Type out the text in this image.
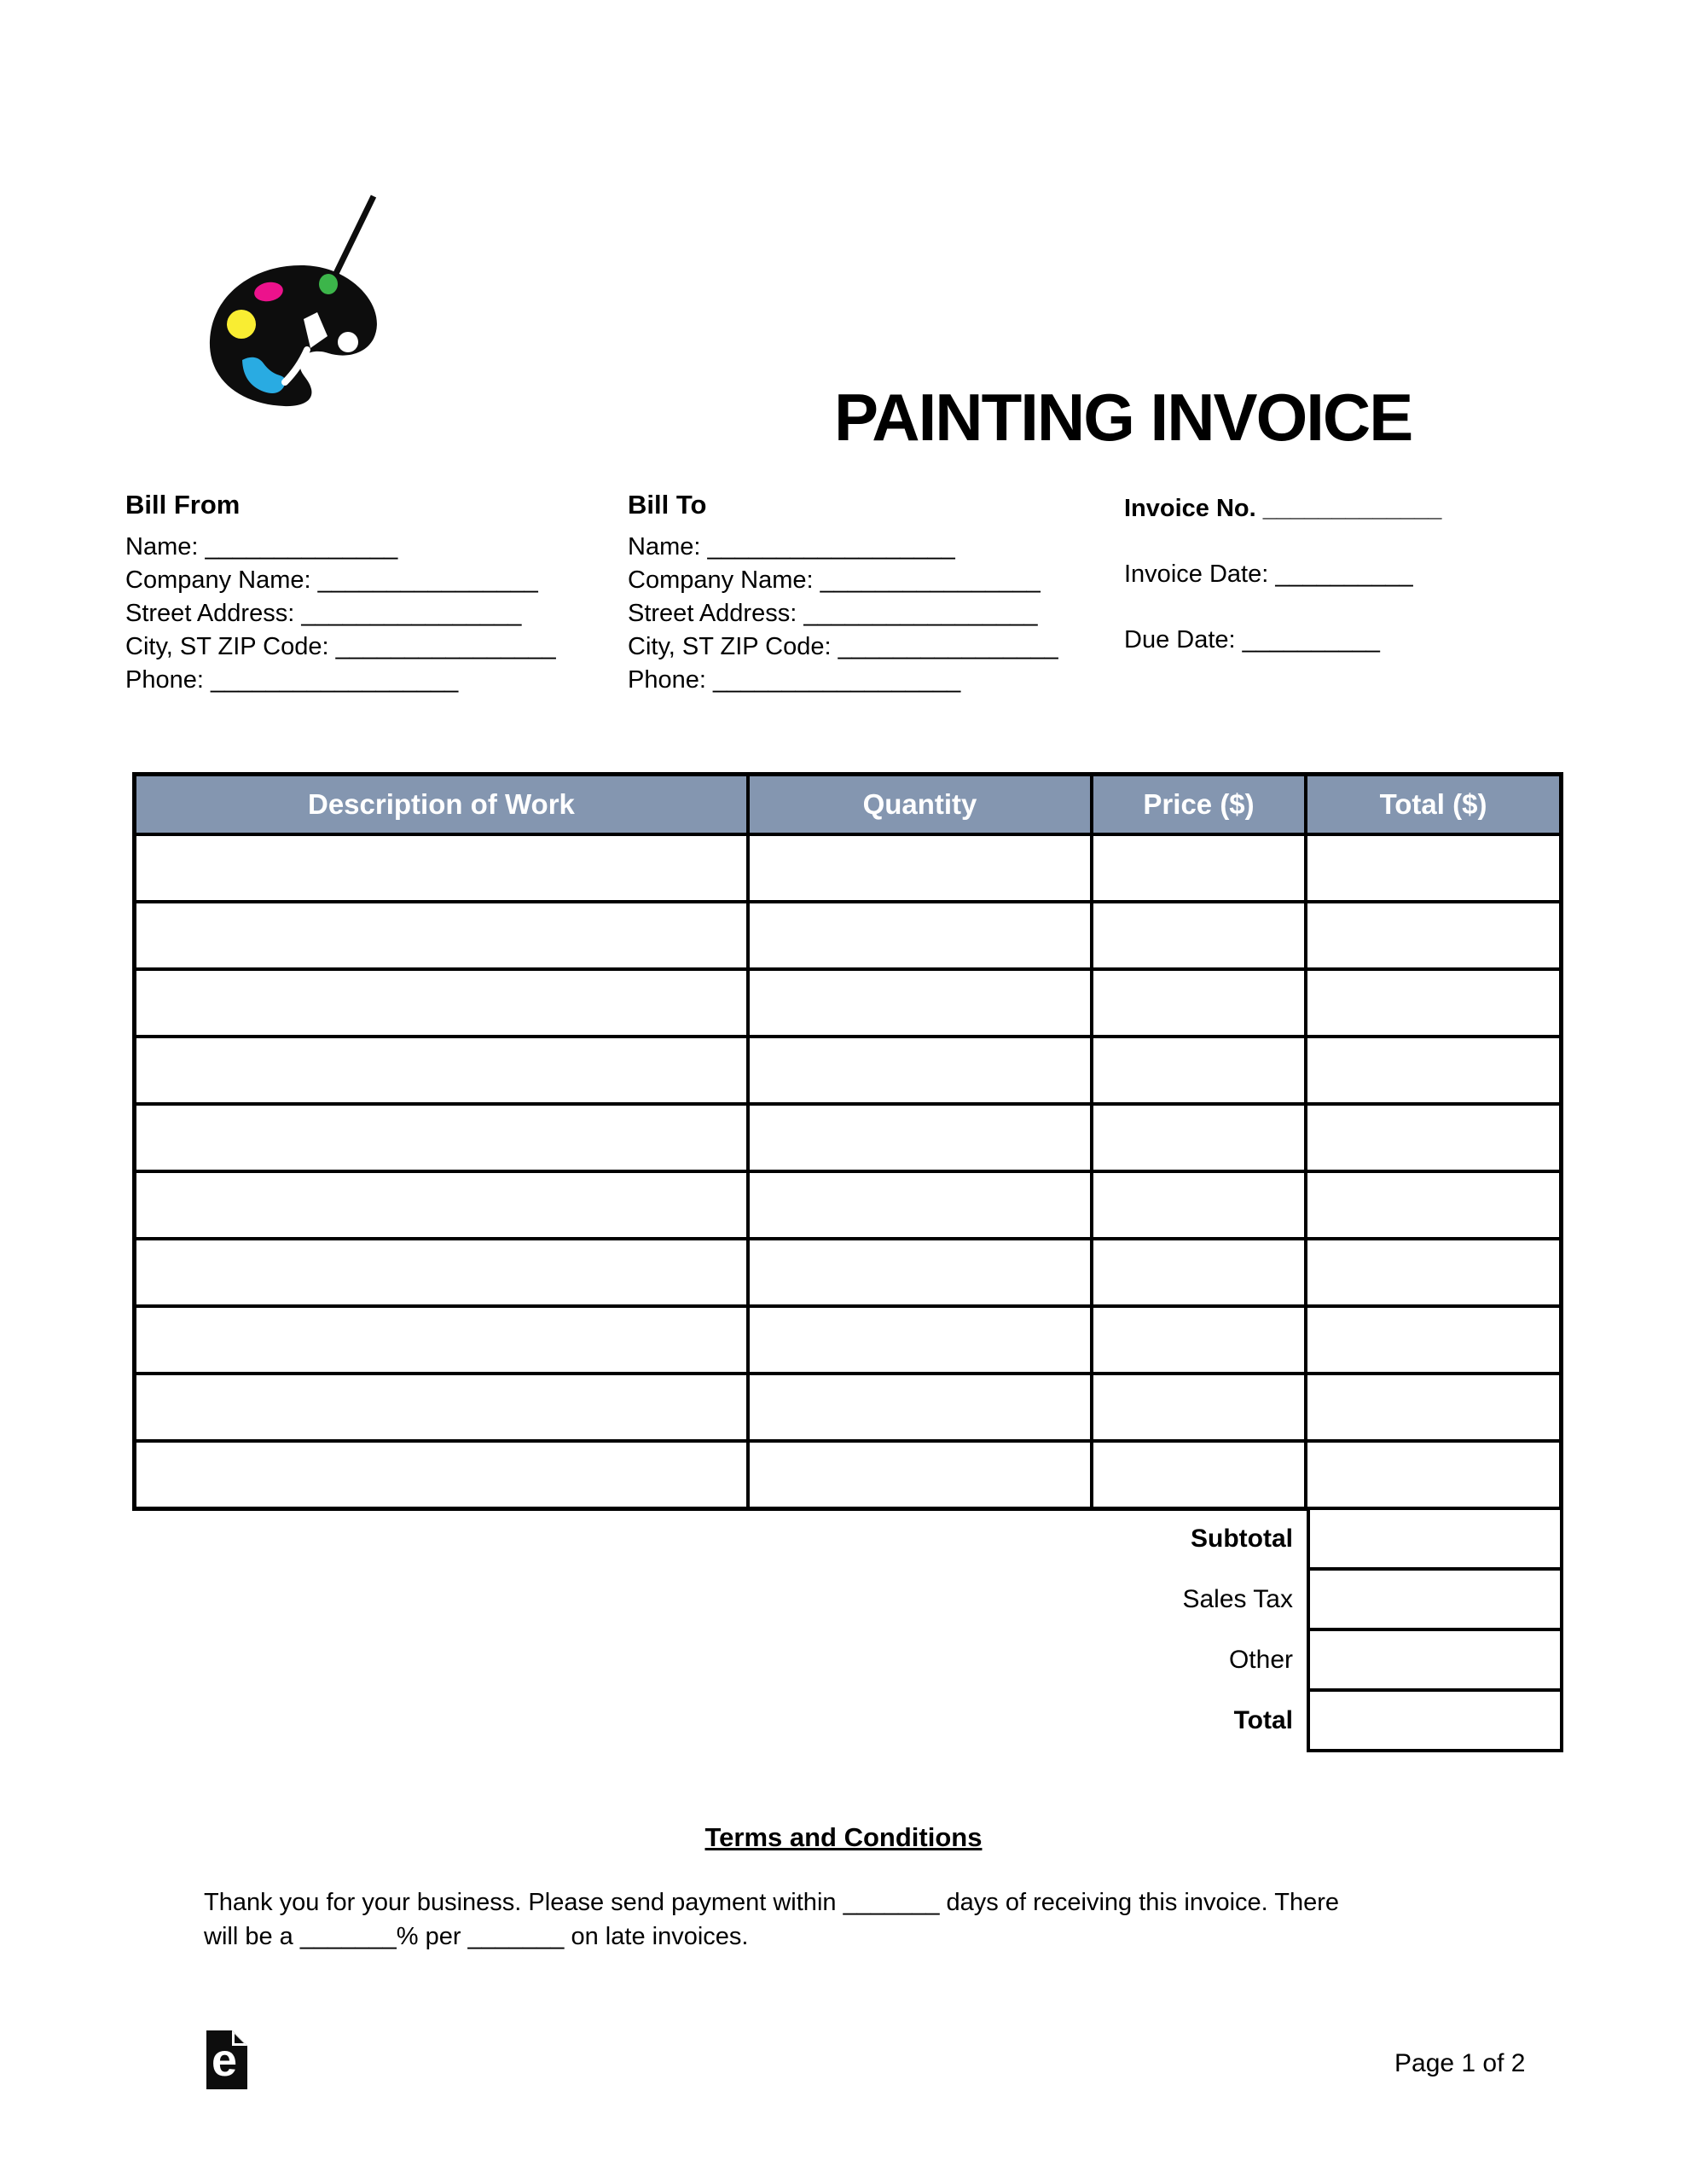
PAINTING INVOICE
Bill From
Name: ______________
Company Name: ________________
Street Address: ________________
City, ST ZIP Code: ________________
Phone: __________________
Bill To
Name: __________________
Company Name: ________________
Street Address: _________________
City, ST ZIP Code: ________________
Phone: __________________
Invoice No. _____________
Invoice Date: __________
Due Date: __________
Description of Work	Quantity	Price ($)	Total ($)

Subtotal
Sales Tax
Other
Total
Terms and Conditions
Thank you for your business. Please send payment within _______ days of receiving this invoice. There
will be a _______% per _______ on late invoices.
e	Page 1 of 2
